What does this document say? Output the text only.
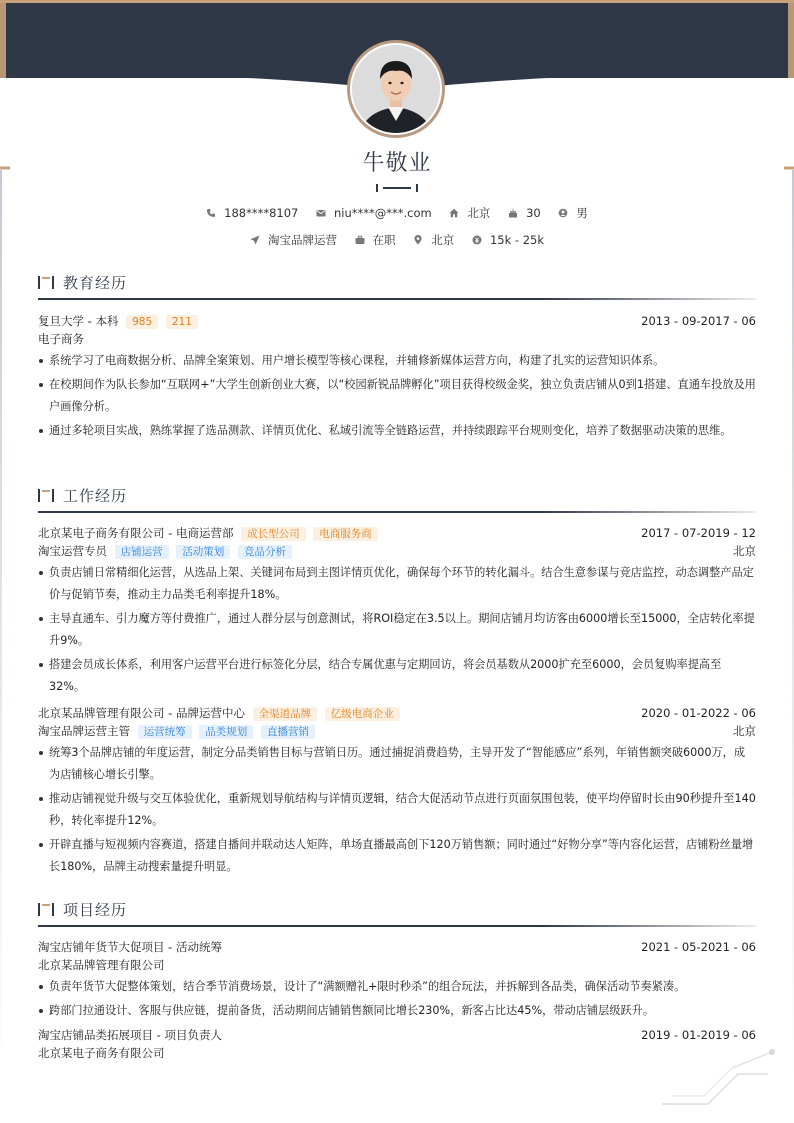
牛敬业
188****8107
	niu****@***.com
	北京
	30
	男
淘宝品牌运营
	在职
	北京
	15k - 25k
教育经历
复旦大学 - 本科 985 211	2013 - 09-2017 - 06
电子商务
系统学习了电商数据分析、品牌全案策划、用户增长模型等核心课程，并辅修新媒体运营方向，构建了扎实的运营知识体系。
在校期间作为队长参加“互联网+”大学生创新创业大赛，以“校园新锐品牌孵化”项目获得校级金奖，独立负责店铺从0到1搭建、直通车投放及用户画像分析。
通过多轮项目实战，熟练掌握了选品测款、详情页优化、私域引流等全链路运营，并持续跟踪平台规则变化，培养了数据驱动决策的思维。
工作经历
北京某电子商务有限公司 - 电商运营部 成长型公司 电商服务商	2017 - 07-2019 - 12
淘宝运营专员 店铺运营 活动策划 竞品分析	北京
负责店铺日常精细化运营，从选品上架、关键词布局到主图详情页优化，确保每个环节的转化漏斗。结合生意参谋与竞店监控，动态调整产品定价与促销节奏，推动主力品类毛利率提升18%。
主导直通车、引力魔方等付费推广，通过人群分层与创意测试，将ROI稳定在3.5以上。期间店铺月均访客由6000增长至15000，全店转化率提升9%。
搭建会员成长体系，利用客户运营平台进行标签化分层，结合专属优惠与定期回访，将会员基数从2000扩充至6000，会员复购率提高至32%。
北京某品牌管理有限公司 - 品牌运营中心 全渠道品牌 亿级电商企业	2020 - 01-2022 - 06
淘宝品牌运营主管 运营统筹 品类规划 直播营销	北京
统筹3个品牌店铺的年度运营，制定分品类销售目标与营销日历。通过捕捉消费趋势，主导开发了“智能感应”系列，年销售额突破6000万，成为店铺核心增长引擎。
推动店铺视觉升级与交互体验优化，重新规划导航结构与详情页逻辑，结合大促活动节点进行页面氛围包装，使平均停留时长由90秒提升至140秒，转化率提升12%。
开辟直播与短视频内容赛道，搭建自播间并联动达人矩阵，单场直播最高创下120万销售额；同时通过“好物分享”等内容化运营，店铺粉丝量增长180%，品牌主动搜索量提升明显。
项目经历
淘宝店铺年货节大促项目 - 活动统筹	2021 - 05-2021 - 06
北京某品牌管理有限公司
负责年货节大促整体策划，结合季节消费场景，设计了“满额赠礼+限时秒杀”的组合玩法，并拆解到各品类，确保活动节奏紧凑。
跨部门拉通设计、客服与供应链，提前备货，活动期间店铺销售额同比增长230%，新客占比达45%，带动店铺层级跃升。
淘宝店铺品类拓展项目 - 项目负责人	2019 - 01-2019 - 06
北京某电子商务有限公司
